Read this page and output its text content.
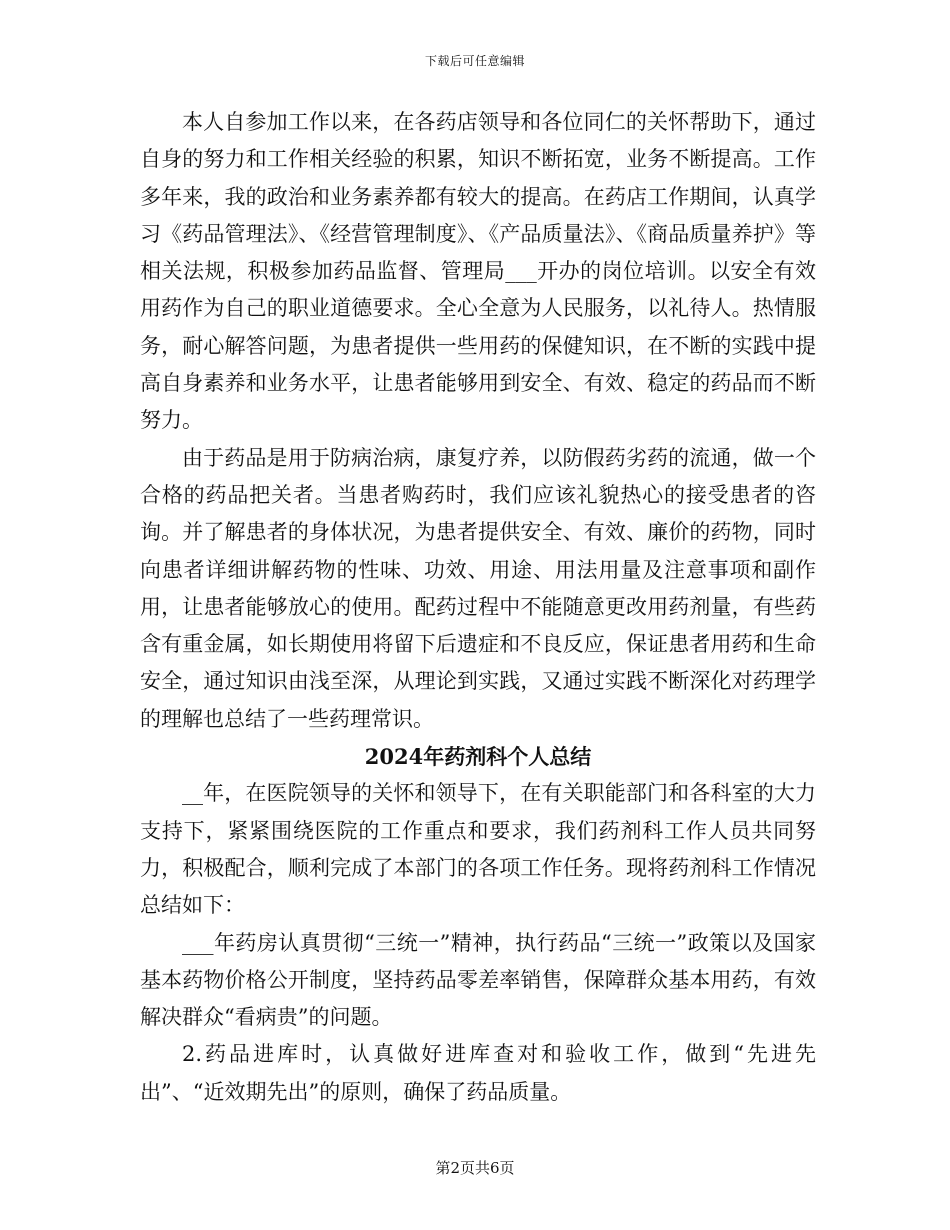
下载后可任意编辑

本人自参加工作以来，在各药店领导和各位同仁的关怀帮助下，通过自身的努力和工作相关经验的积累，知识不断拓宽，业务不断提高。工作多年来，我的政治和业务素养都有较大的提高。在药店工作期间，认真学习《药品管理法》、《经营管理制度》、《产品质量法》、《商品质量养护》等相关法规，积极参加药品监督、管理局___开办的岗位培训。以安全有效用药作为自己的职业道德要求。全心全意为人民服务，以礼待人。热情服务，耐心解答问题，为患者提供一些用药的保健知识，在不断的实践中提高自身素养和业务水平，让患者能够用到安全、有效、稳定的药品而不断努力。

由于药品是用于防病治病，康复疗养，以防假药劣药的流通，做一个合格的药品把关者。当患者购药时，我们应该礼貌热心的接受患者的咨询。并了解患者的身体状况，为患者提供安全、有效、廉价的药物，同时向患者详细讲解药物的性味、功效、用途、用法用量及注意事项和副作用，让患者能够放心的使用。配药过程中不能随意更改用药剂量，有些药含有重金属，如长期使用将留下后遗症和不良反应，保证患者用药和生命安全，通过知识由浅至深，从理论到实践，又通过实践不断深化对药理学的理解也总结了一些药理常识。

2024年药剂科个人总结

__年，在医院领导的关怀和领导下，在有关职能部门和各科室的大力支持下，紧紧围绕医院的工作重点和要求，我们药剂科工作人员共同努力，积极配合，顺利完成了本部门的各项工作任务。现将药剂科工作情况总结如下：

___年药房认真贯彻“三统一”精神，执行药品“三统一”政策以及国家基本药物价格公开制度，坚持药品零差率销售，保障群众基本用药，有效解决群众“看病贵”的问题。

2.药品进库时，认真做好进库查对和验收工作，做到“先进先出”、“近效期先出”的原则，确保了药品质量。

第2页共6页
